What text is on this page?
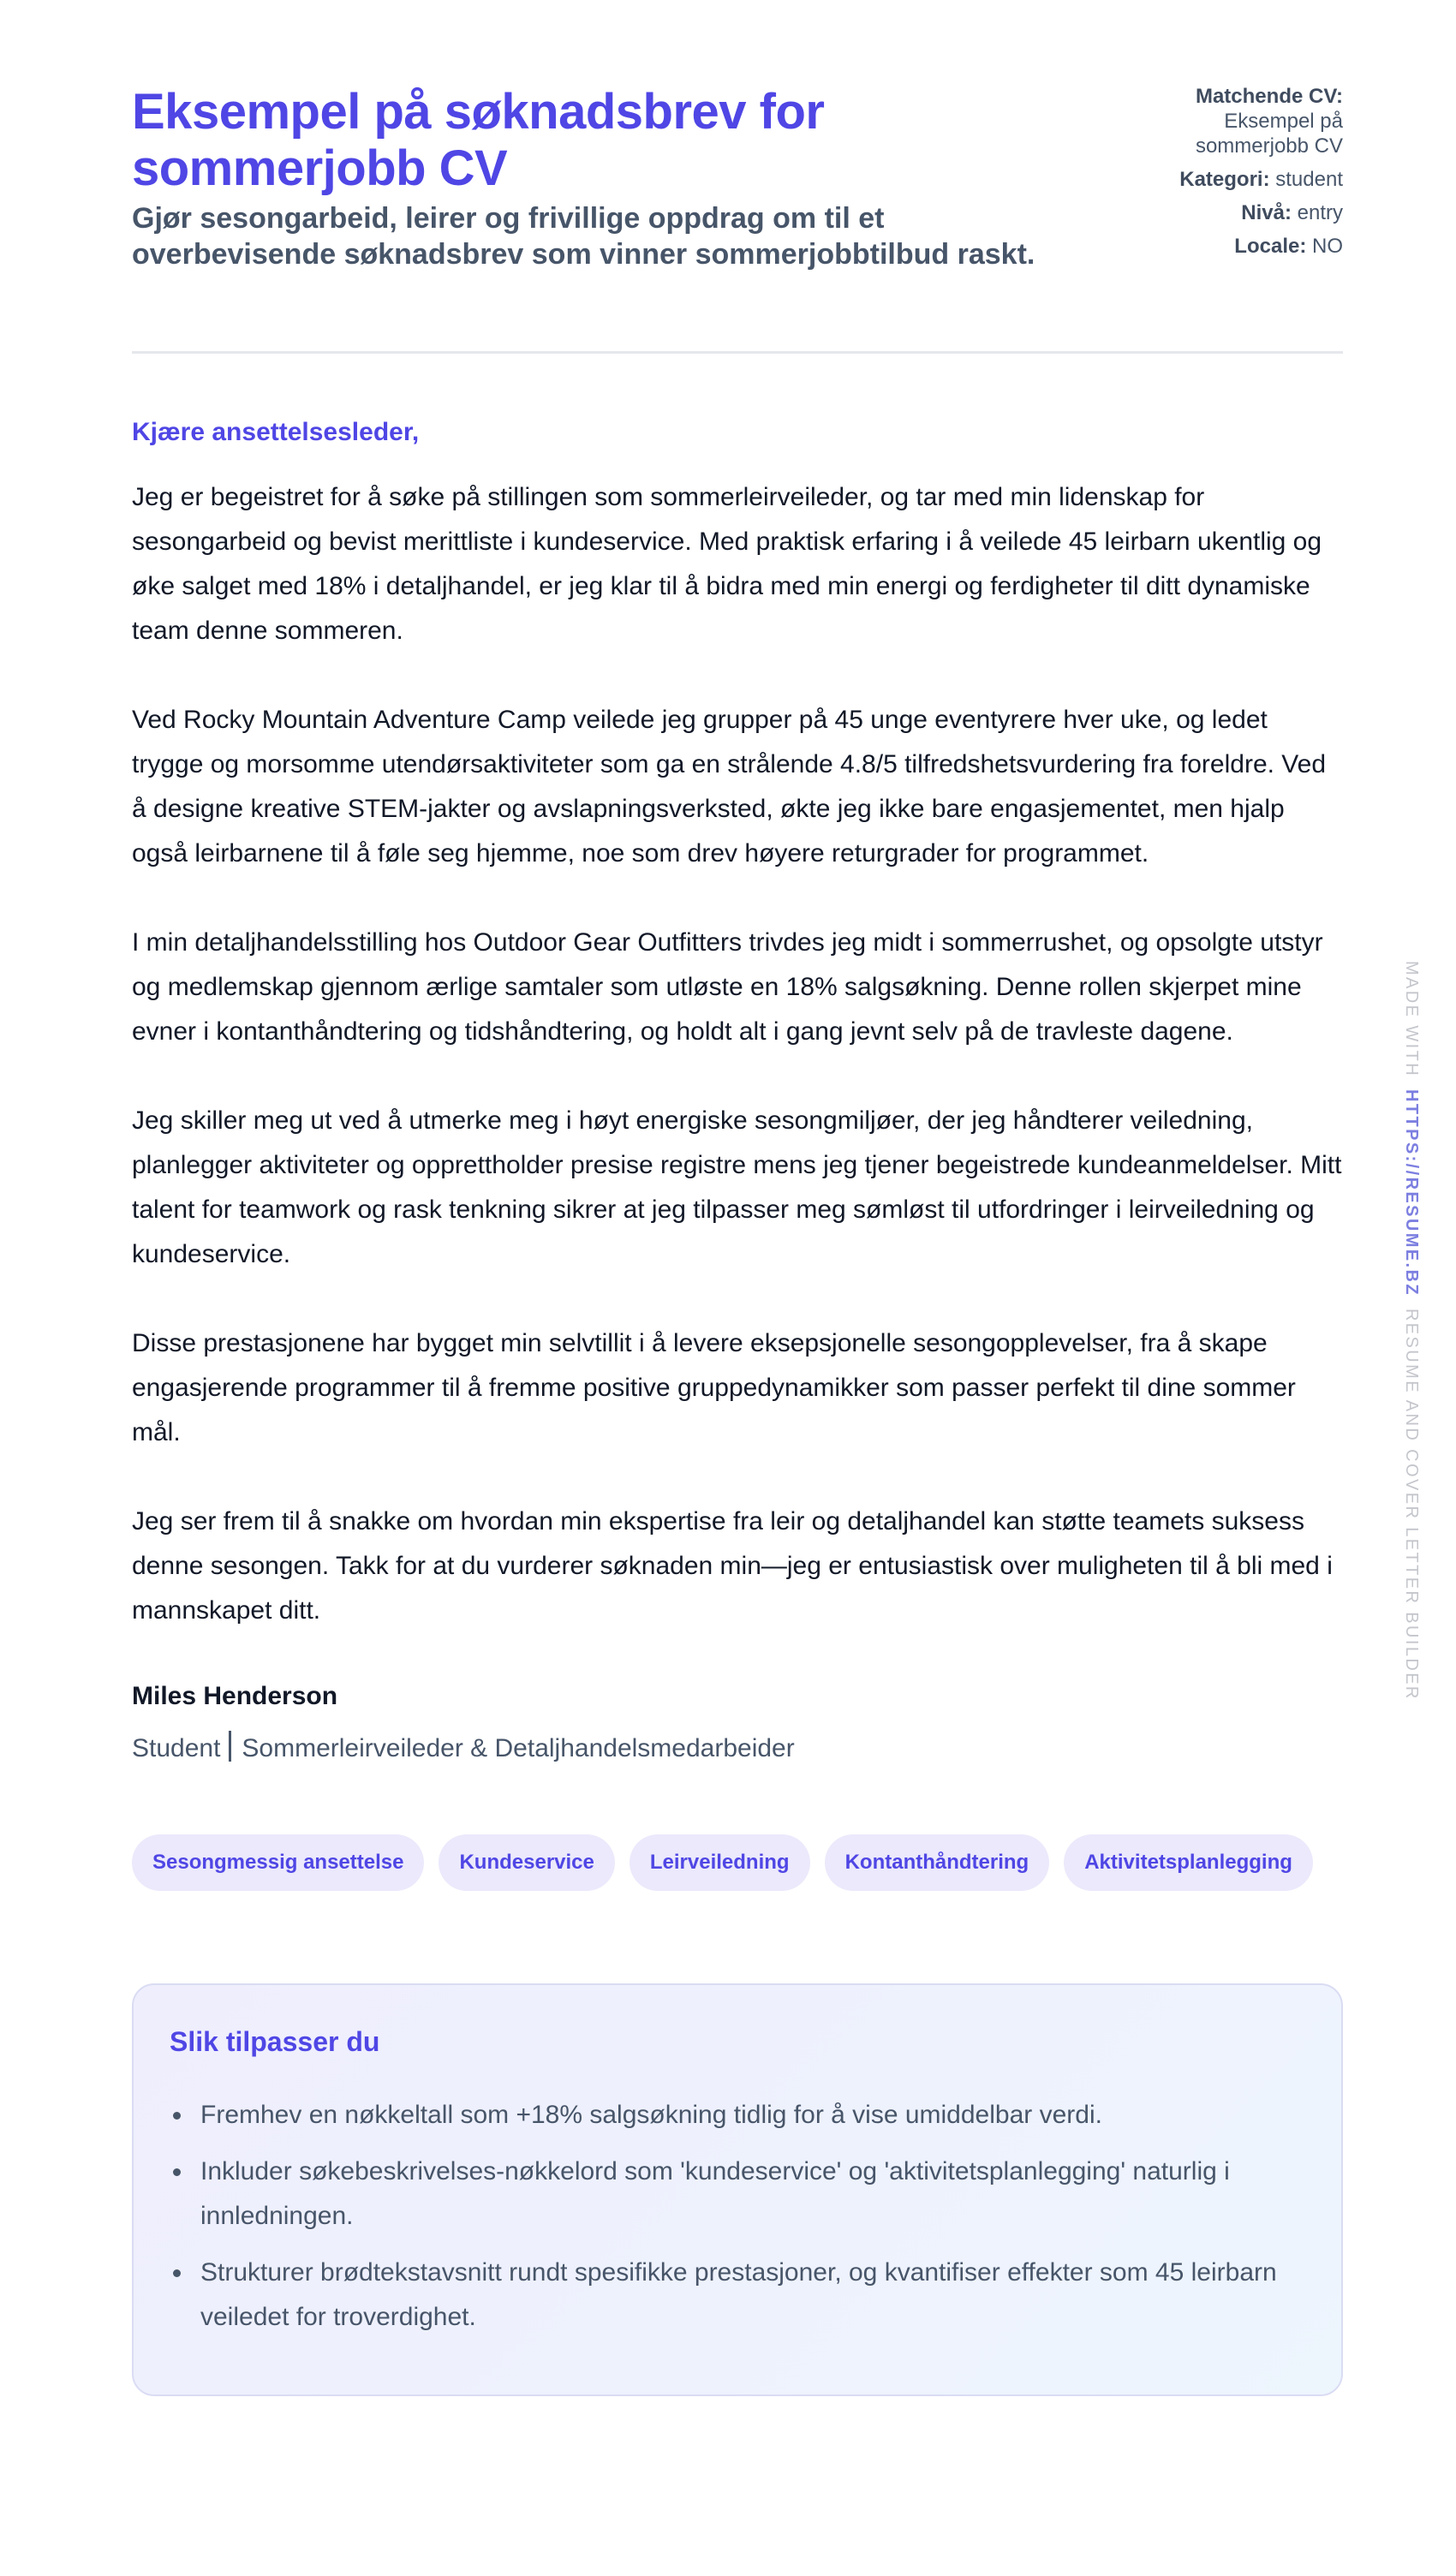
Eksempel på søknadsbrev for sommerjobb CV
Gjør sesongarbeid, leirer og frivillige oppdrag om til et overbevisende søknadsbrev som vinner sommerjobbtilbud raskt.
Matchende CV:
Eksempel på sommerjobb CV
Kategori: student
Nivå: entry
Locale: NO
Kjære ansettelsesleder,

Jeg er begeistret for å søke på stillingen som sommerleirveileder, og tar med min lidenskap for sesongarbeid og bevist merittliste i kundeservice. Med praktisk erfaring i å veilede 45 leirbarn ukentlig og øke salget med 18% i detaljhandel, er jeg klar til å bidra med min energi og ferdigheter til ditt dynamiske team denne sommeren.

Ved Rocky Mountain Adventure Camp veilede jeg grupper på 45 unge eventyrere hver uke, og ledet trygge og morsomme utendørsaktiviteter som ga en strålende 4.8/5 tilfredshetsvurdering fra foreldre. Ved å designe kreative STEM-jakter og avslapningsverksted, økte jeg ikke bare engasjementet, men hjalp også leirbarnene til å føle seg hjemme, noe som drev høyere returgrader for programmet.

I min detaljhandelsstilling hos Outdoor Gear Outfitters trivdes jeg midt i sommerrushet, og opsolgte utstyr og medlemskap gjennom ærlige samtaler som utløste en 18% salgsøkning. Denne rollen skjerpet mine evner i kontanthåndtering og tidshåndtering, og holdt alt i gang jevnt selv på de travleste dagene.

Jeg skiller meg ut ved å utmerke meg i høyt energiske sesongmiljøer, der jeg håndterer veiledning, planlegger aktiviteter og opprettholder presise registre mens jeg tjener begeistrede kundeanmeldelser. Mitt talent for teamwork og rask tenkning sikrer at jeg tilpasser meg sømløst til utfordringer i leirveiledning og kundeservice.

Disse prestasjonene har bygget min selvtillit i å levere eksepsjonelle sesongopplevelser, fra å skape engasjerende programmer til å fremme positive gruppedynamikker som passer perfekt til dine sommer mål.

Jeg ser frem til å snakke om hvordan min ekspertise fra leir og detaljhandel kan støtte teamets suksess denne sesongen. Takk for at du vurderer søknaden min—jeg er entusiastisk over muligheten til å bli med i mannskapet ditt.

Miles Henderson
Student Sommerleirveileder & Detaljhandelsmedarbeider
Sesongmessig ansettelse	Kundeservice	Leirveiledning	Kontanthåndtering	Aktivitetsplanlegging
Slik tilpasser du
Fremhev en nøkkeltall som +18% salgsøkning tidlig for å vise umiddelbar verdi.
Inkluder søkebeskrivelses-nøkkelord som 'kundeservice' og 'aktivitetsplanlegging' naturlig i innledningen.
Strukturer brødtekstavsnitt rundt spesifikke prestasjoner, og kvantifiser effekter som 45 leirbarn veiledet for troverdighet.
MADE WITHHTTPS://RESUME.BZRESUME AND COVER LETTER BUILDER
